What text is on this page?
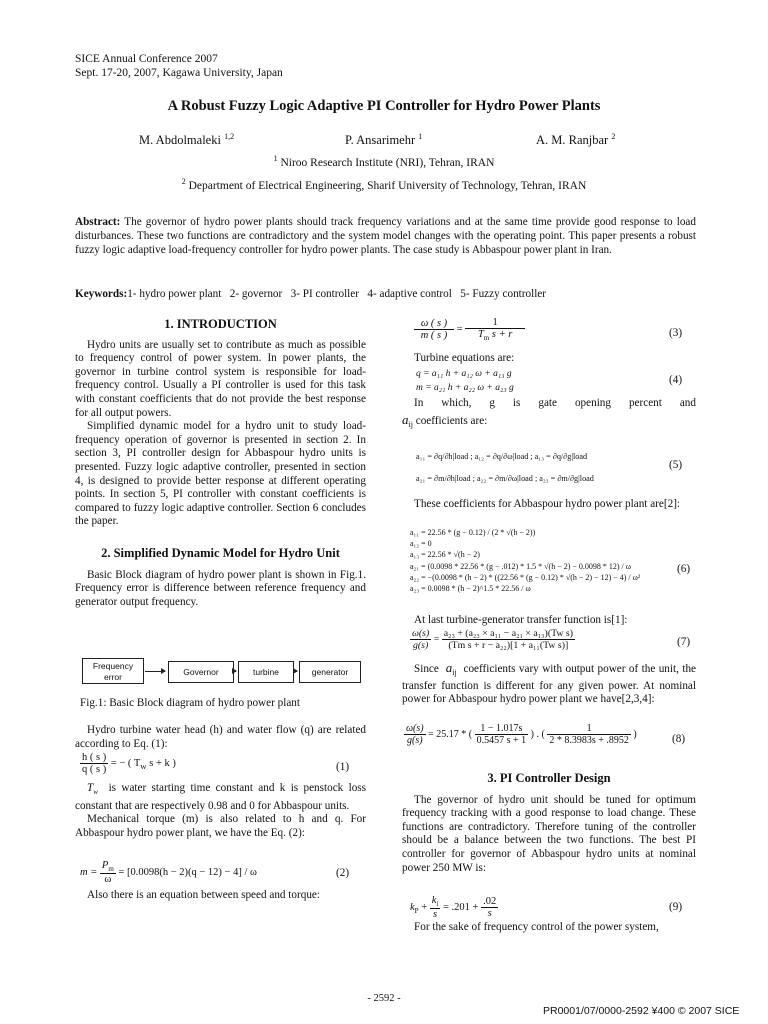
SICE Annual Conference 2007
Sept. 17-20, 2007, Kagawa University, Japan
A Robust Fuzzy Logic Adaptive PI Controller for Hydro Power Plants
M. Abdolmaleki $^{1,2}$	P. Ansarimehr $^1$	A. M. Ranjbar $^2$
$^1$ Niroo Research Institute (NRI), Tehran, IRAN
$^2$ Department of Electrical Engineering, Sharif University of Technology, Tehran, IRAN
Abstract: The governor of hydro power plants should track frequency variations and at the same time provide good response to load disturbances. These two functions are contradictory and the system model changes with the operating point. This paper presents a robust fuzzy logic adaptive load-frequency controller for hydro power plants. The case study is Abbaspour power plant in Iran.
Keywords:1- hydro power plant   2- governor   3- PI controller   4- adaptive control   5- Fuzzy controller
1. INTRODUCTION

Hydro units are usually set to contribute as much as possible to frequency control of power system. In power plants, the governor in turbine control system is responsible for load-frequency control. Usually a PI controller is used for this task with constant coefficients that do not provide the best response for all output powers.

Simplified dynamic model for a hydro unit to study load-frequency operation of governor is presented in section 2. In section 3, PI controller design for Abbaspour hydro units is presented. Fuzzy logic adaptive controller, presented in section 4, is designed to provide better response at different operating points. In section 5, PI controller with constant coefficients is compared to fuzzy logic adaptive controller. Section 6 concludes the paper.

2. Simplified Dynamic Model for Hydro Unit

Basic Block diagram of hydro power plant is shown in Fig.1. Frequency error is difference between reference frequency and generator output frequency.

Frequency error	Governor	turbine	generator
Fig.1: Basic Block diagram of hydro power plant

Hydro turbine water head (h) and water flow (q) are related according to Eq. (1):

$\frac{h ( s )}{q ( s )}$ = − ( $T_w$ s + k )	(1)

$T_w$ is water starting time constant and k is penstock loss constant that are respectively 0.98 and 0 for Abbaspour units.

Mechanical torque (m) is also related to h and q. For Abbaspour hydro power plant, we have the Eq. (2):

$m = \frac{P_m}{\omega} = [0.0098(h - 2)(q - 12) - 4] / \omega$	(2)

Also there is an equation between speed and torque:

$\frac{\omega ( s )}{m ( s )} = \frac{1}{T_m s + r}$	(3)
Turbine equations are:
q = a₁₁ h + a₁₂ ω + a₁₃ g
m = a₂₁ h + a₂₂ ω + a₂₃ g
(4)

In which, g is gate opening percent and

$a_{ij}$ coefficients are:

a₁₁ = ∂q/∂h|load ; a₁₂ = ∂q/∂ω|load ; a₁₃ = ∂q/∂g|load
a₂₁ = ∂m/∂h|load ; a₂₂ = ∂m/∂ω|load ; a₂₃ = ∂m/∂g|load
(5)

These coefficients for Abbaspour hydro power plant are[2]:

a₁₁ = 22.56 * (g − 0.12) / (2 * √(h − 2))
a₁₂ = 0
a₁₃ = 22.56 * √(h − 2)
a₂₁ = (0.0098 * 22.56 * (g − .012) * 1.5 * √(h − 2) − 0.0098 * 12) / ω
a₂₂ = −(0.0098 * (h − 2) * ((22.56 * (g − 0.12) * √(h − 2) − 12) − 4) / ω²
a₂₃ = 0.0098 * (h − 2)^1.5 * 22.56 / ω
(6)

At last turbine-generator transfer function is[1]:

$\frac{\omega(s)}{g(s)} = \frac{\text{a₂₃ + (a₂₃ × a₁₁ − a₂₁ × a₁₃)(Tw s)}}{\text{(Tm s + r − a₂₂)[1 + a₁₁(Tw s)]}}$	(7)

Since $a_{ij}$ coefficients vary with output power of the unit, the transfer function is different for any given power. At nominal power for Abbaspour hydro power plant we have[2,3,4]:

$\frac{\omega(s)}{g(s)} = 25.17$ * ( $\frac{1 - 1.017s}{0.5457 s + 1}$ ) . ( $\frac{1}{2 * 8.3983s + .8952}$ )	(8)
3. PI Controller Design

The governor of hydro unit should be tuned for optimum frequency tracking with a good response to load change. These functions are contradictory. Therefore tuning of the controller should be a balance between the two functions. The best PI controller for governor of Abbaspour hydro units at nominal power 250 MW is:

$k_P + \frac{k_i}{s} = .201 + \frac{.02}{s}$	(9)

For the sake of frequency control of the power system,

- 2592 -
PR0001/07/0000-2592 ¥400 © 2007 SICE
